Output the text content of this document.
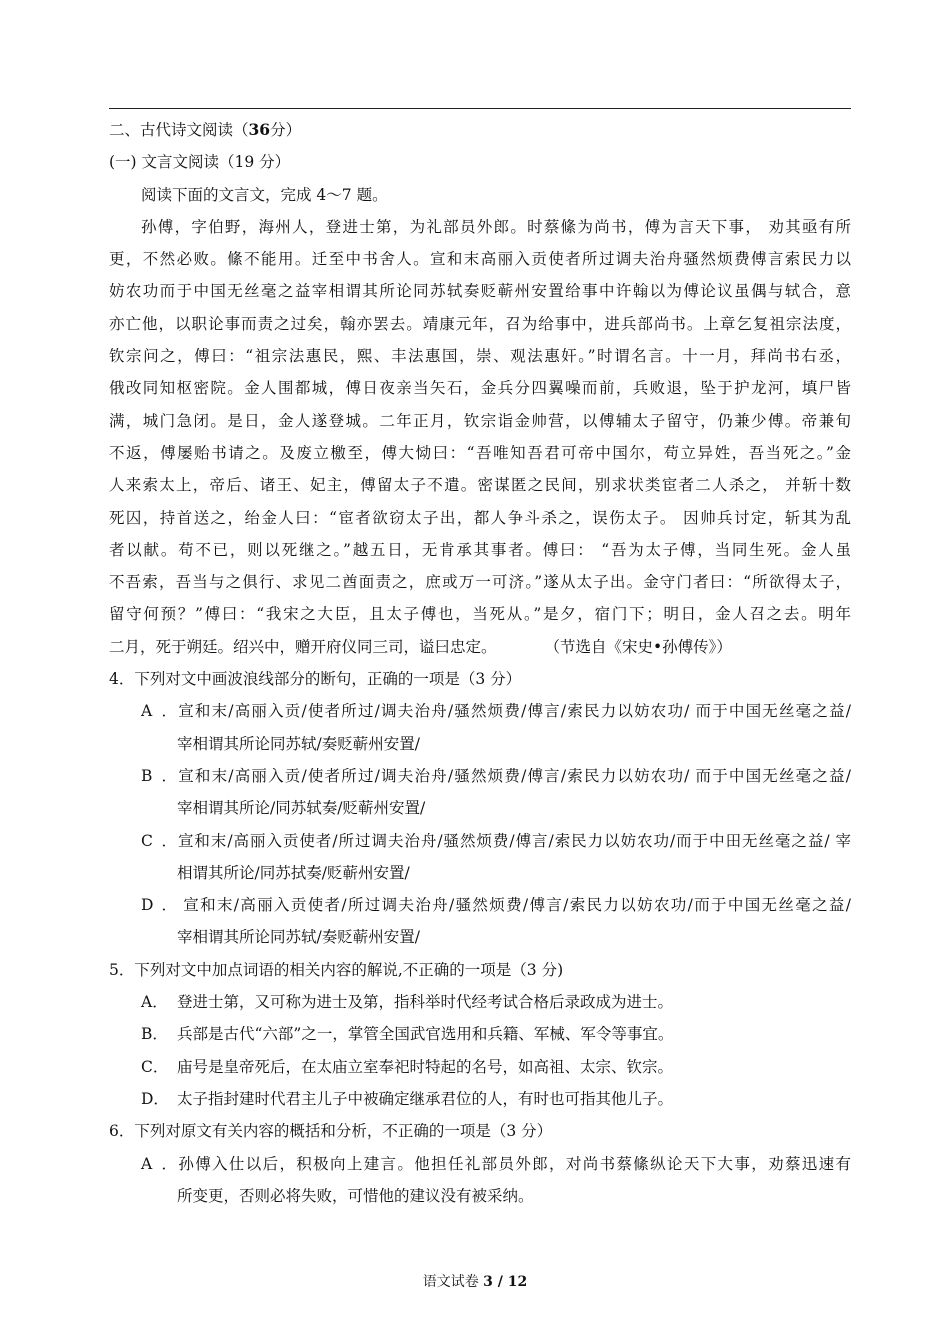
二、古代诗文阅读（36分）
(一) 文言文阅读（19 分）
阅读下面的文言文，完成 4～7 题。
孙傅，字伯野，海州人，登进士第，为礼部员外郎。时蔡絛为尚书，傅为言天下事， 劝其亟有所
更，不然必败。絛不能用。迁至中书舍人。宣和末高丽入贡使者所过调夫治舟骚然烦费傅言索民力以
妨农功而于中国无丝毫之益宰相谓其所论同苏轼奏贬蕲州安置给事中许翰以为傅论议虽偶与轼合，意
亦亡他，以职论事而责之过矣，翰亦罢去。靖康元年，召为给事中，进兵部尚书。上章乞复祖宗法度，
钦宗问之，傅曰：“祖宗法惠民，熙、丰法惠国，崇、观法惠奸。”时谓名言。十一月，拜尚书右丞，
俄改同知枢密院。金人围都城，傅日夜亲当矢石，金兵分四翼噪而前，兵败退，坠于护龙河，填尸皆
满，城门急闭。是日，金人遂登城。二年正月，钦宗诣金帅营，以傅辅太子留守，仍兼少傅。帝兼旬
不返，傅屡贻书请之。及废立檄至，傅大恸曰：“吾唯知吾君可帝中国尔，苟立异姓，吾当死之。”金
人来索太上，帝后、诸王、妃主，傅留太子不遣。密谋匿之民间，别求状类宦者二人杀之， 并斩十数
死囚，持首送之，绐金人曰：“宦者欲窃太子出，都人争斗杀之，误伤太子。 因帅兵讨定，斩其为乱
者以献。苟不已，则以死继之。”越五日，无肯承其事者。傅曰： “吾为太子傅，当同生死。金人虽
不吾索，吾当与之俱行、求见二酋面责之，庶或万一可济。”遂从太子出。金守门者曰：“所欲得太子，
留守何预？”傅曰：“我宋之大臣，且太子傅也，当死从。”是夕，宿门下；明日，金人召之去。明年
二月，死于朔廷。绍兴中，赠开府仪同三司，谥曰忠定。	（节选自《宋史•孙傅传》）
4．下列对文中画波浪线部分的断句，正确的一项是（3 分）
A．宣和末/高丽入贡/使者所过/调夫治舟/骚然烦费/傅言/索民力以妨农功/ 而于中国无丝毫之益/
宰相谓其所论同苏轼/奏贬蕲州安置/
B．宣和末/高丽入贡/使者所过/调夫治舟/骚然烦费/傅言/索民力以妨农功/ 而于中国无丝毫之益/
宰相谓其所论/同苏轼奏/贬蕲州安置/
C．宣和末/高丽入贡使者/所过调夫治舟/骚然烦费/傅言/索民力以妨农功/而于中田无丝毫之益/ 宰
相谓其所论/同苏拭奏/贬蕲州安置/
D． 宣和末/高丽入贡使者/所过调夫治舟/骚然烦费/傅言/索民力以妨农功/而于中国无丝毫之益/
宰相谓其所论同苏轼/奏贬蕲州安置/
5．下列对文中加点词语的相关内容的解说,不正确的一项是（3 分)
A． 登进士第，又可称为进士及第，指科举时代经考试合格后录政成为进士。
B． 兵部是古代“六部”之一，掌管全国武官选用和兵籍、军械、军令等事宜。
C． 庙号是皇帝死后，在太庙立室奉祀时特起的名号，如高祖、太宗、钦宗。
D． 太子指封建时代君主儿子中被确定继承君位的人，有时也可指其他儿子。
6．下列对原文有关内容的概括和分析，不正确的一项是（3 分）
A．孙傅入仕以后，积极向上建言。他担任礼部员外郎，对尚书蔡絛纵论天下大事，劝蔡迅速有
所变更，否则必将失败，可惜他的建议没有被采纳。
语文试卷 3 / 12
